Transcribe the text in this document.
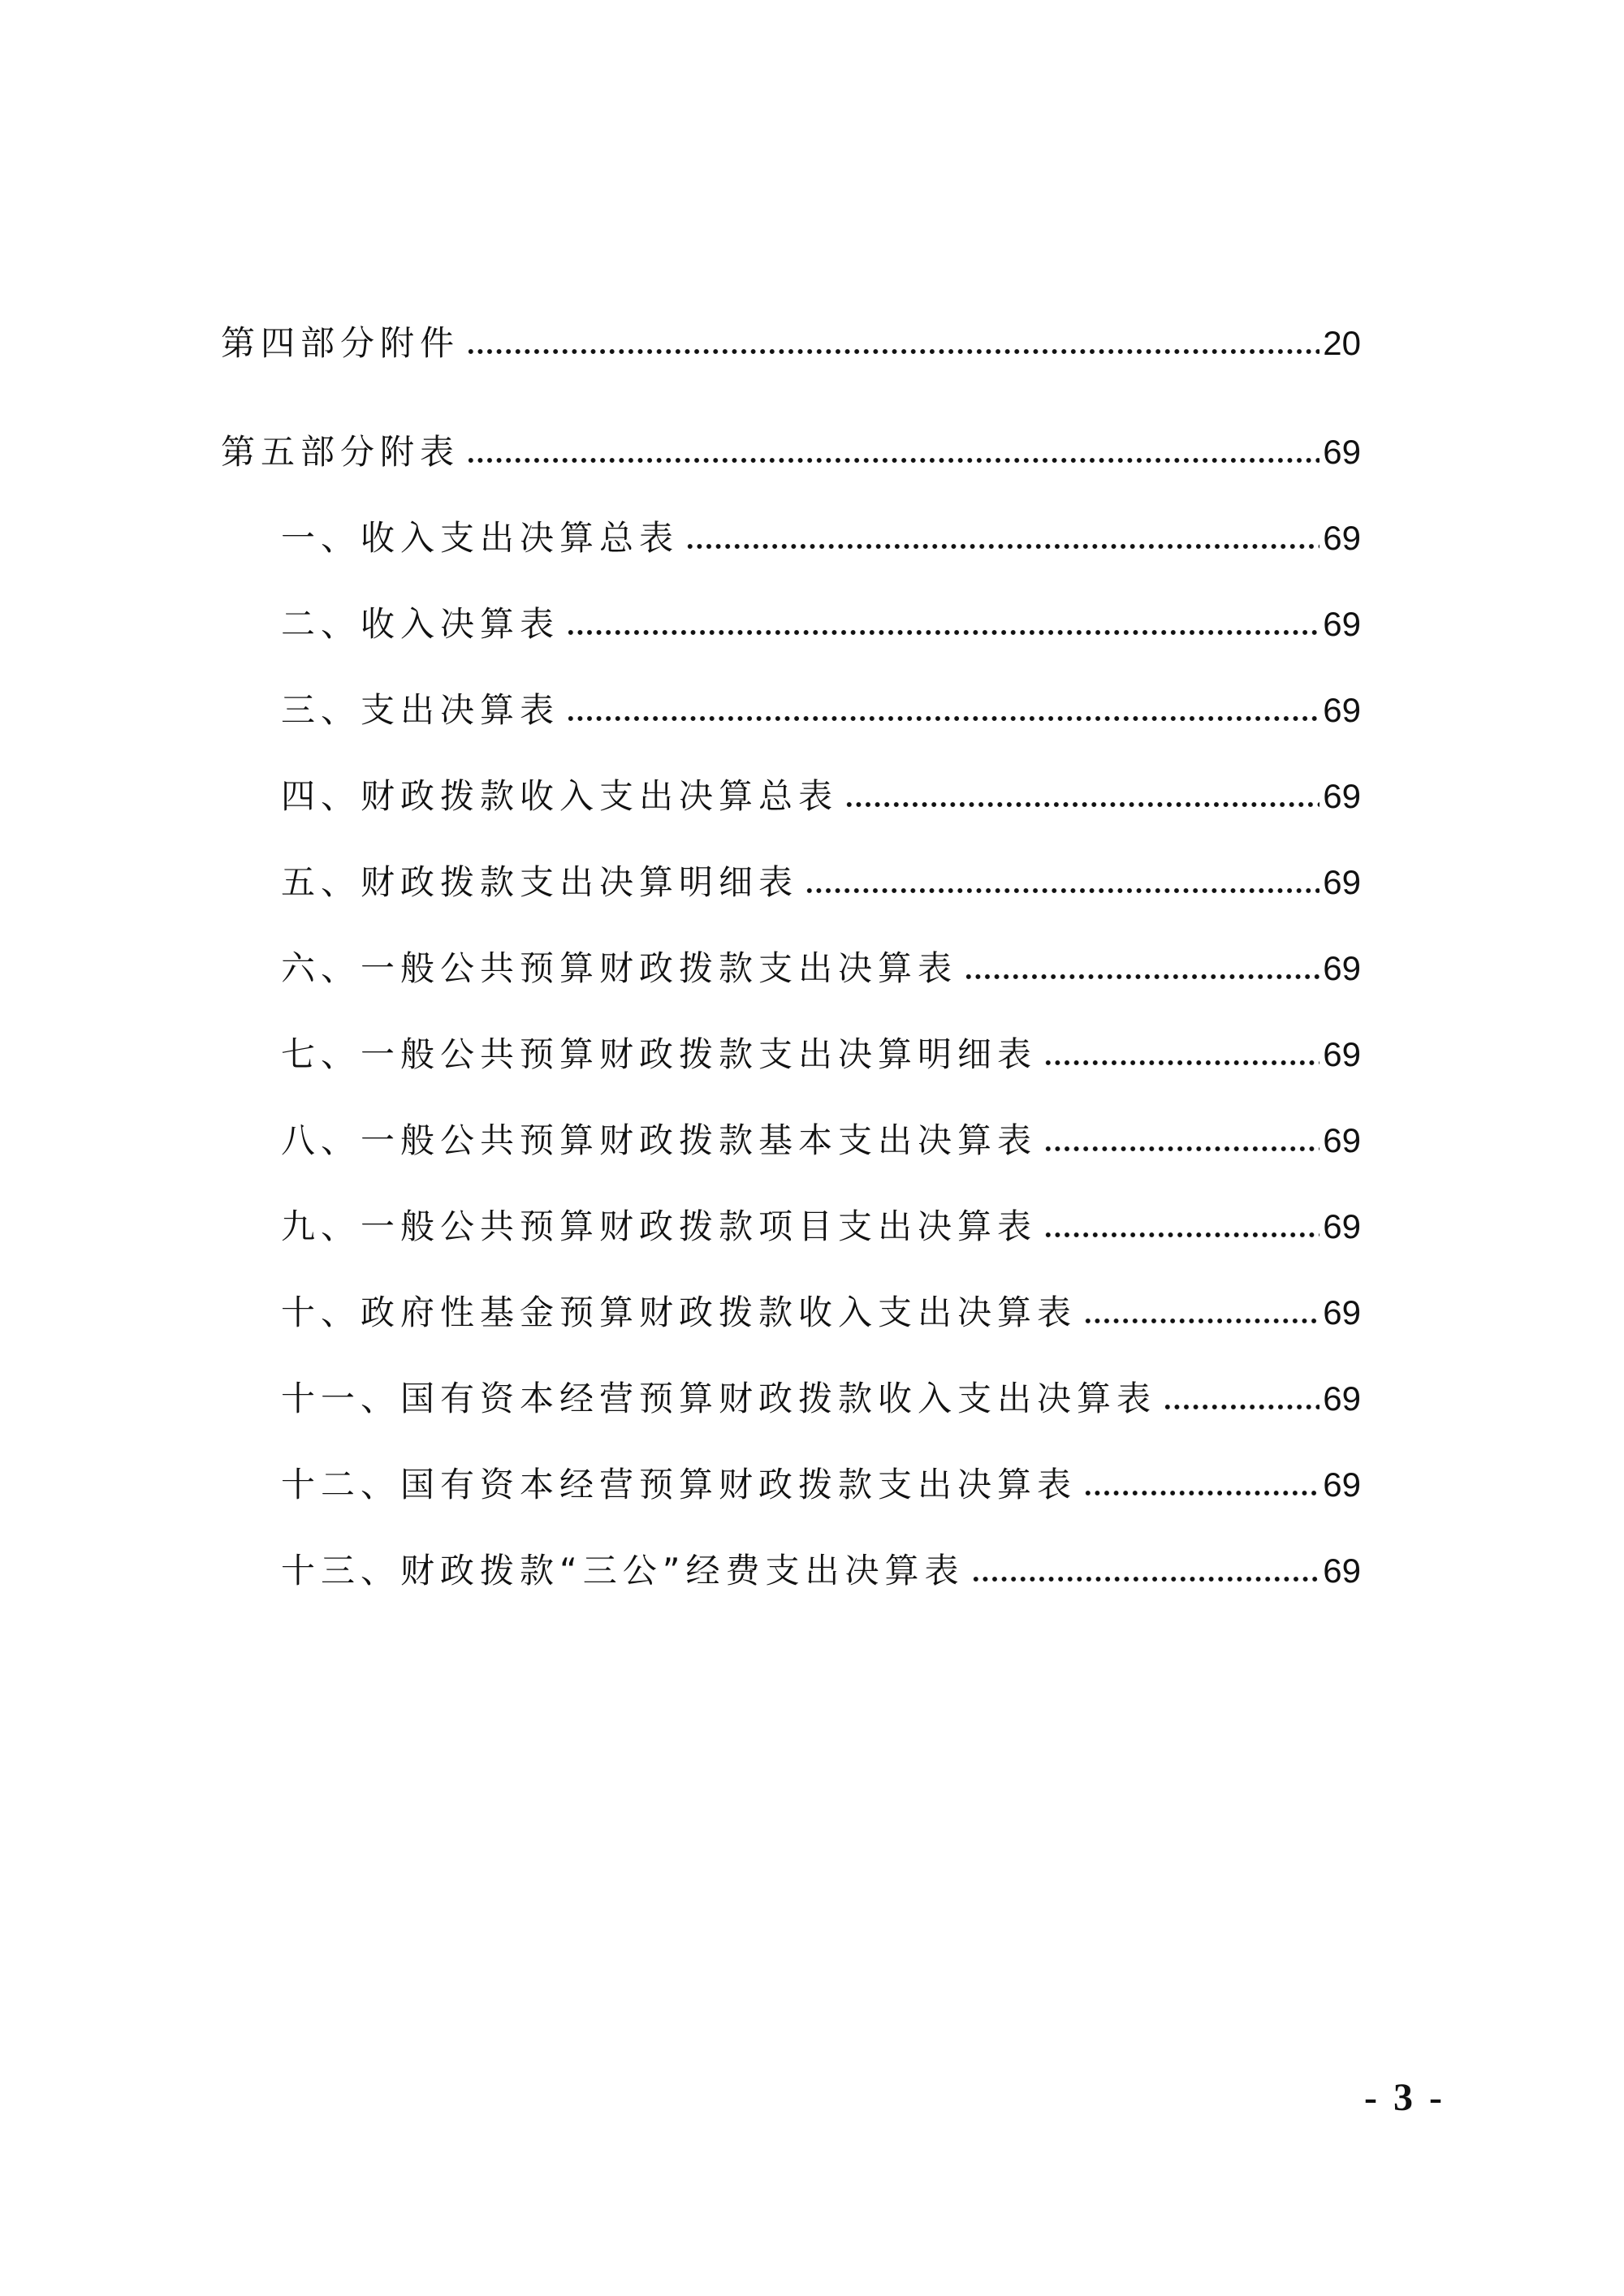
第四部分附件	20
第五部分附表	69
一、收入支出决算总表	69
二、收入决算表	69
三、支出决算表	69
四、财政拨款收入支出决算总表	69
五、财政拨款支出决算明细表	69
六、一般公共预算财政拨款支出决算表	69
七、一般公共预算财政拨款支出决算明细表	69
八、一般公共预算财政拨款基本支出决算表	69
九、一般公共预算财政拨款项目支出决算表	69
十、政府性基金预算财政拨款收入支出决算表	69
十一、国有资本经营预算财政拨款收入支出决算表	69
十二、国有资本经营预算财政拨款支出决算表	69
十三、财政拨款“三公”经费支出决算表	69
- 3 -
